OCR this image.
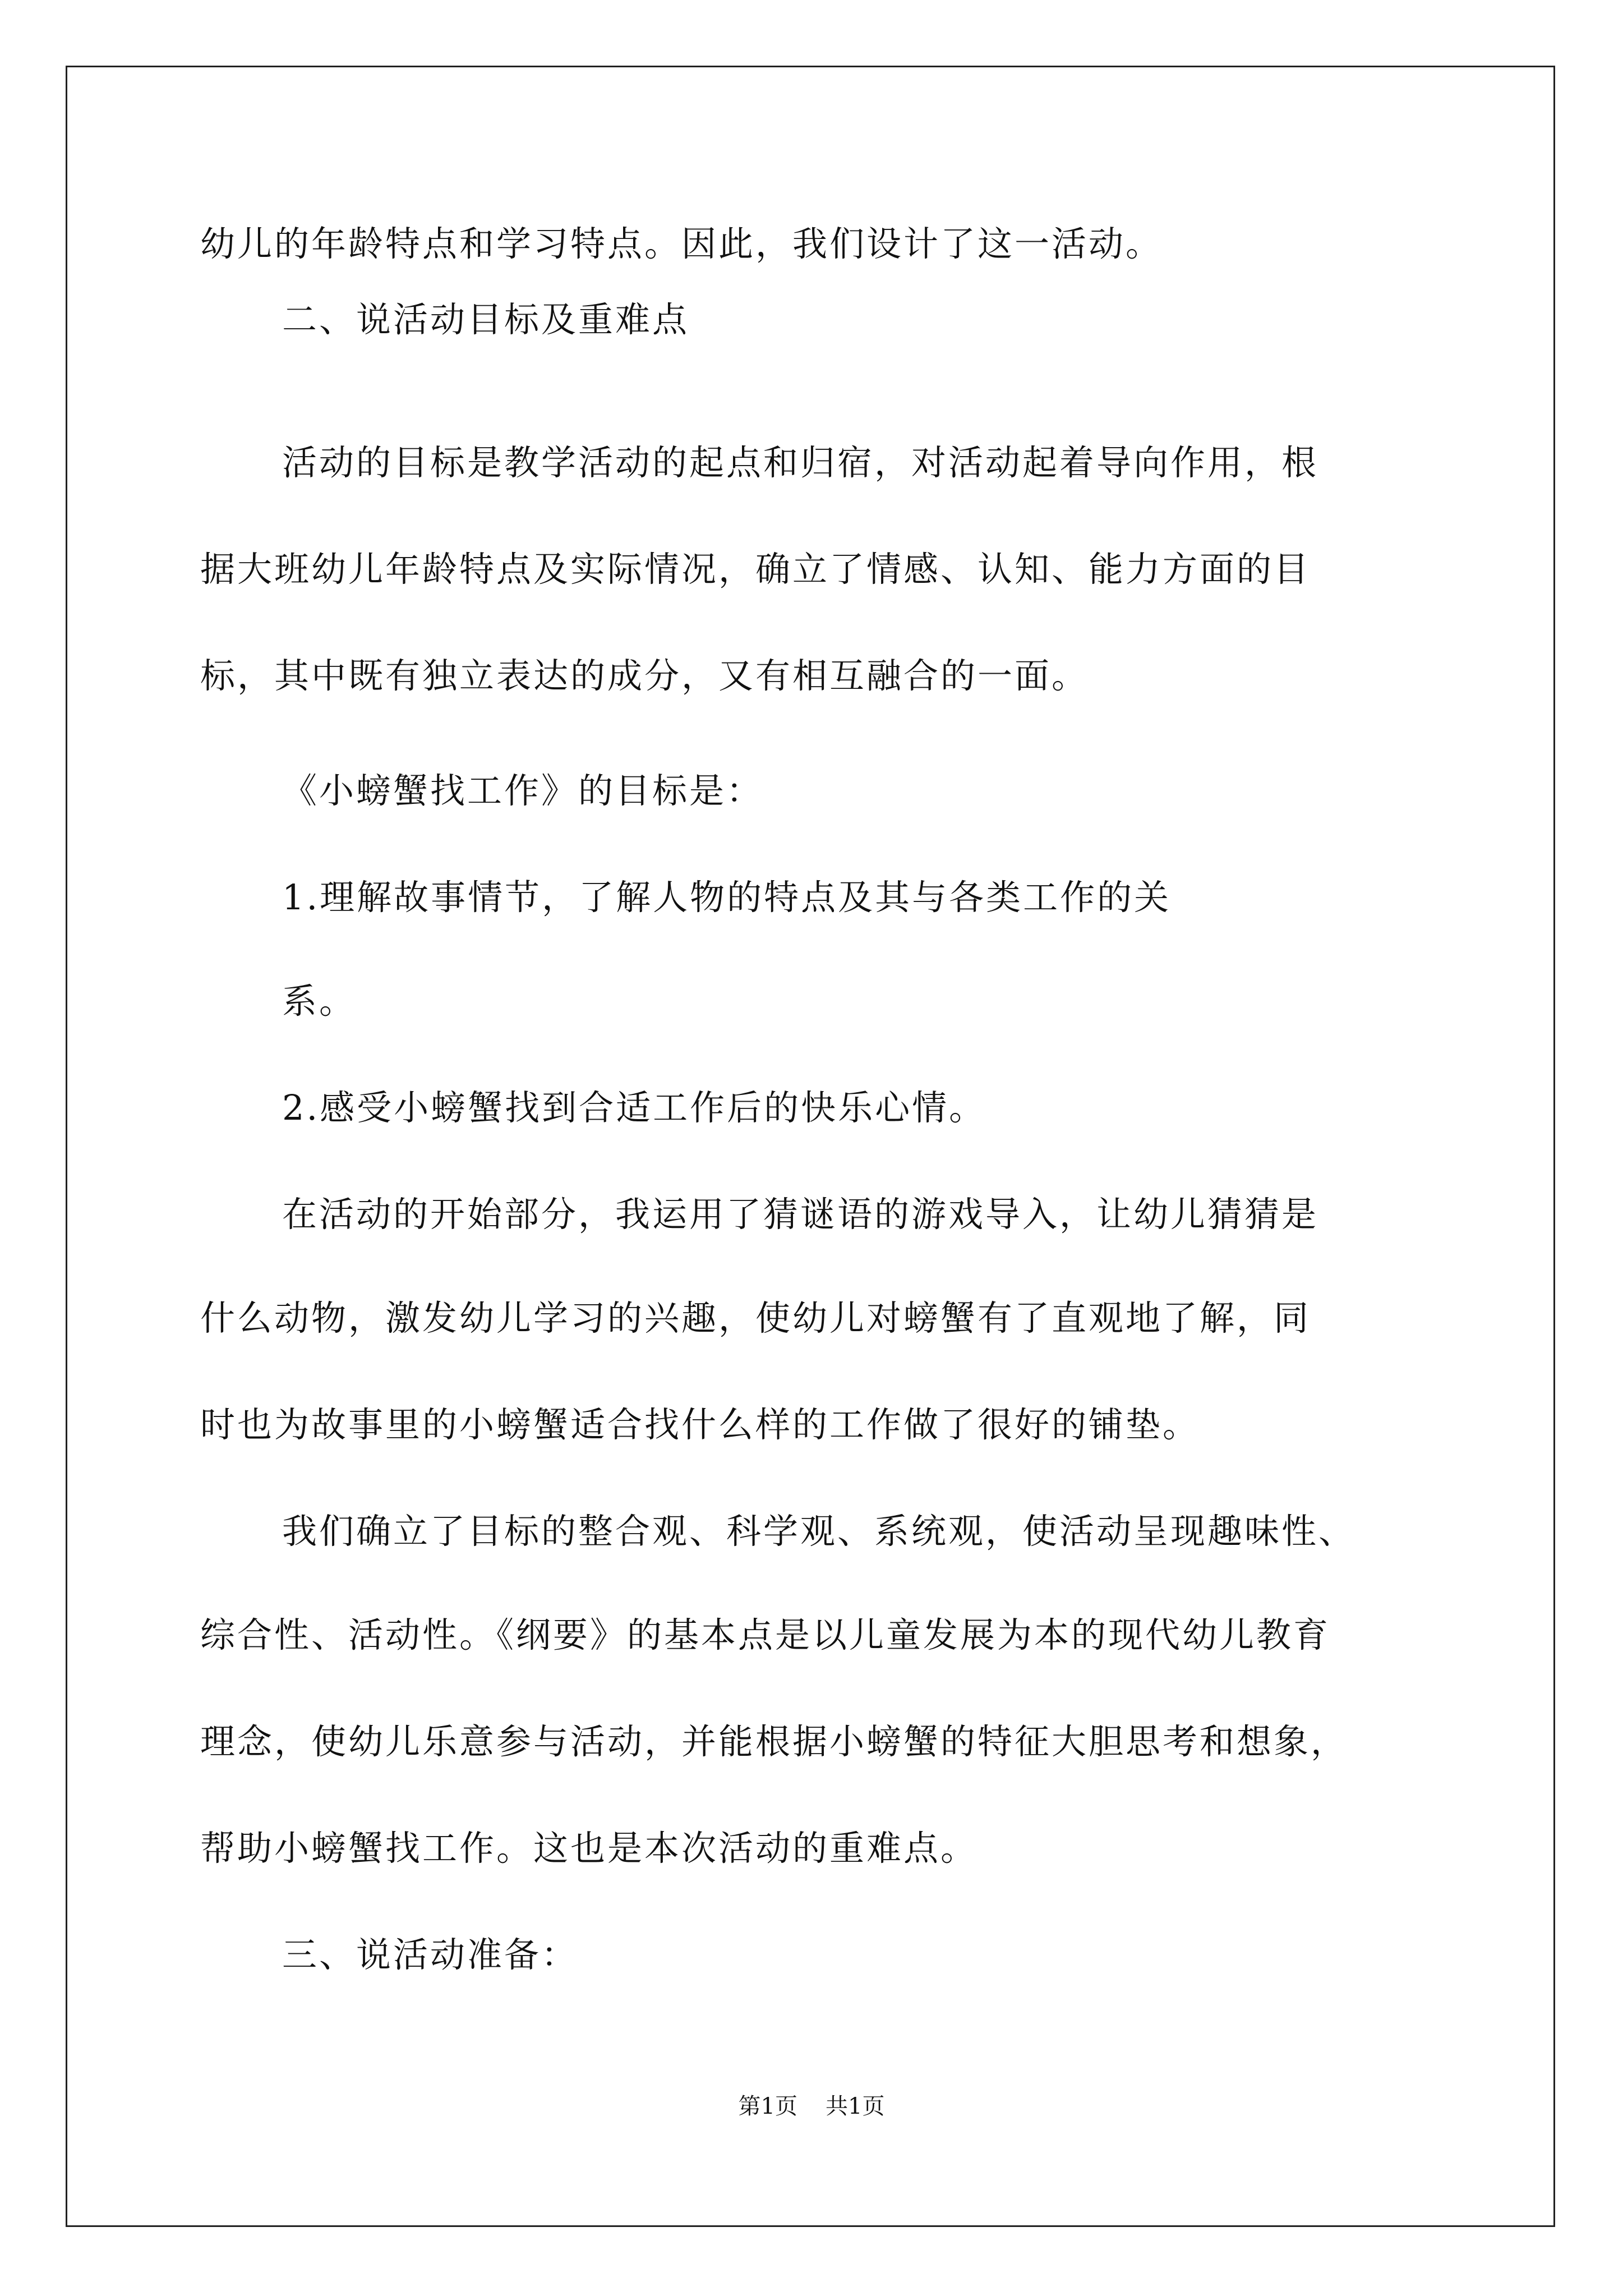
幼儿的年龄特点和学习特点。因此，我们设计了这一活动。
二、说活动目标及重难点
活动的目标是教学活动的起点和归宿，对活动起着导向作用，根
据大班幼儿年龄特点及实际情况，确立了情感、认知、能力方面的目
标，其中既有独立表达的成分，又有相互融合的一面。
《小螃蟹找工作》的目标是：
1.理解故事情节，了解人物的特点及其与各类工作的关
系。
2.感受小螃蟹找到合适工作后的快乐心情。
在活动的开始部分，我运用了猜谜语的游戏导入，让幼儿猜猜是
什么动物，激发幼儿学习的兴趣，使幼儿对螃蟹有了直观地了解，同
时也为故事里的小螃蟹适合找什么样的工作做了很好的铺垫。
我们确立了目标的整合观、科学观、系统观，使活动呈现趣味性、
综合性、活动性。《纲要》的基本点是以儿童发展为本的现代幼儿教育
理念，使幼儿乐意参与活动，并能根据小螃蟹的特征大胆思考和想象，
帮助小螃蟹找工作。这也是本次活动的重难点。
三、说活动准备：
第1页 共1页
